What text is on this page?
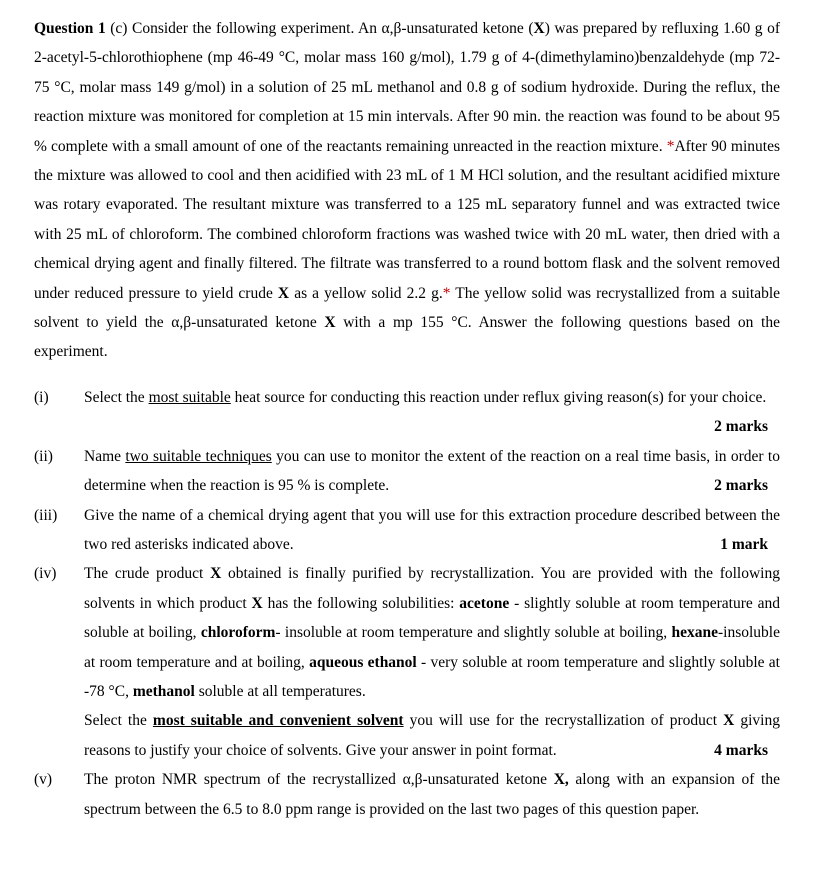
Question 1 (c) Consider the following experiment. An α,β-unsaturated ketone (X) was prepared by refluxing 1.60 g of 2-acetyl-5-chlorothiophene (mp 46-49 °C, molar mass 160 g/mol), 1.79 g of 4-(dimethylamino)benzaldehyde (mp 72-75 °C, molar mass 149 g/mol) in a solution of 25 mL methanol and 0.8 g of sodium hydroxide. During the reflux, the reaction mixture was monitored for completion at 15 min intervals. After 90 min. the reaction was found to be about 95 % complete with a small amount of one of the reactants remaining unreacted in the reaction mixture. *After 90 minutes the mixture was allowed to cool and then acidified with 23 mL of 1 M HCl solution, and the resultant acidified mixture was rotary evaporated. The resultant mixture was transferred to a 125 mL separatory funnel and was extracted twice with 25 mL of chloroform. The combined chloroform fractions was washed twice with 20 mL water, then dried with a chemical drying agent and finally filtered. The filtrate was transferred to a round bottom flask and the solvent removed under reduced pressure to yield crude X as a yellow solid 2.2 g.* The yellow solid was recrystallized from a suitable solvent to yield the α,β-unsaturated ketone X with a mp 155 °C. Answer the following questions based on the experiment.

(i)	Select the most suitable heat source for conducting this reaction under reflux giving reason(s) for your choice.
2 marks
(ii)	Name two suitable techniques you can use to monitor the extent of the reaction on a real time basis, in order to determine when the reaction is 95 % is complete.	2 marks
(iii)	Give the name of a chemical drying agent that you will use for this extraction procedure described between the two red asterisks indicated above.	1 mark
(iv)	The crude product X obtained is finally purified by recrystallization. You are provided with the following solvents in which product X has the following solubilities: acetone - slightly soluble at room temperature and soluble at boiling, chloroform- insoluble at room temperature and slightly soluble at boiling, hexane-insoluble at room temperature and at boiling, aqueous ethanol - very soluble at room temperature and slightly soluble at -78 °C, methanol soluble at all temperatures.
Select the most suitable and convenient solvent you will use for the recrystallization of product X giving reasons to justify your choice of solvents. Give your answer in point format.	4 marks
(v)	The proton NMR spectrum of the recrystallized α,β-unsaturated ketone X, along with an expansion of the spectrum between the 6.5 to 8.0 ppm range is provided on the last two pages of this question paper.
